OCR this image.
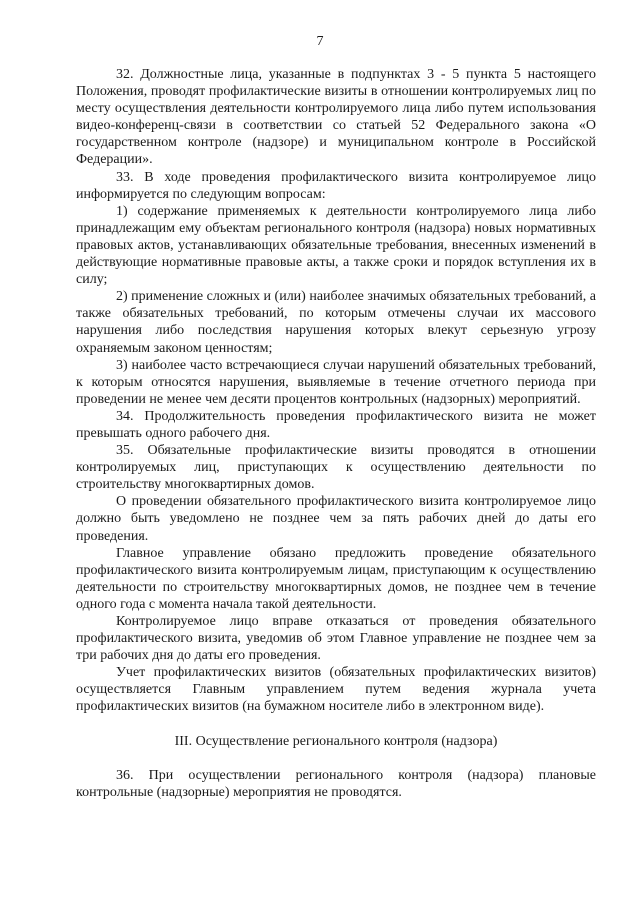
7

32. Должностные лица, указанные в подпунктах 3 - 5 пункта 5 настоящего Положения, проводят профилактические визиты в отношении контролируемых лиц по месту осуществления деятельности контролируемого лица либо путем использования видео-конференц-связи в соответствии со статьей 52 Федерального закона «О государственном контроле (надзоре) и муниципальном контроле в Российской Федерации».

33. В ходе проведения профилактического визита контролируемое лицо информируется по следующим вопросам:

1) содержание применяемых к деятельности контролируемого лица либо принадлежащим ему объектам регионального контроля (надзора) новых нормативных правовых актов, устанавливающих обязательные требования, внесенных изменений в действующие нормативные правовые акты, а также сроки и порядок вступления их в силу;

2) применение сложных и (или) наиболее значимых обязательных требований, а также обязательных требований, по которым отмечены случаи их массового нарушения либо последствия нарушения которых влекут серьезную угрозу охраняемым законом ценностям;

3) наиболее часто встречающиеся случаи нарушений обязательных требований, к которым относятся нарушения, выявляемые в течение отчетного периода при проведении не менее чем десяти процентов контрольных (надзорных) мероприятий.

34. Продолжительность проведения профилактического визита не может превышать одного рабочего дня.

35. Обязательные профилактические визиты проводятся в отношении контролируемых лиц, приступающих к осуществлению деятельности по строительству многоквартирных домов.

О проведении обязательного профилактического визита контролируемое лицо должно быть уведомлено не позднее чем за пять рабочих дней до даты его проведения.

Главное управление обязано предложить проведение обязательного профилактического визита контролируемым лицам, приступающим к осуществлению деятельности по строительству многоквартирных домов, не позднее чем в течение одного года с момента начала такой деятельности.

Контролируемое лицо вправе отказаться от проведения обязательного профилактического визита, уведомив об этом Главное управление не позднее чем за три рабочих дня до даты его проведения.

Учет профилактических визитов (обязательных профилактических визитов) осуществляется Главным управлением путем ведения журнала учета профилактических визитов (на бумажном носителе либо в электронном виде).

III. Осуществление регионального контроля (надзора)

36. При осуществлении регионального контроля (надзора) плановые контрольные (надзорные) мероприятия не проводятся.
